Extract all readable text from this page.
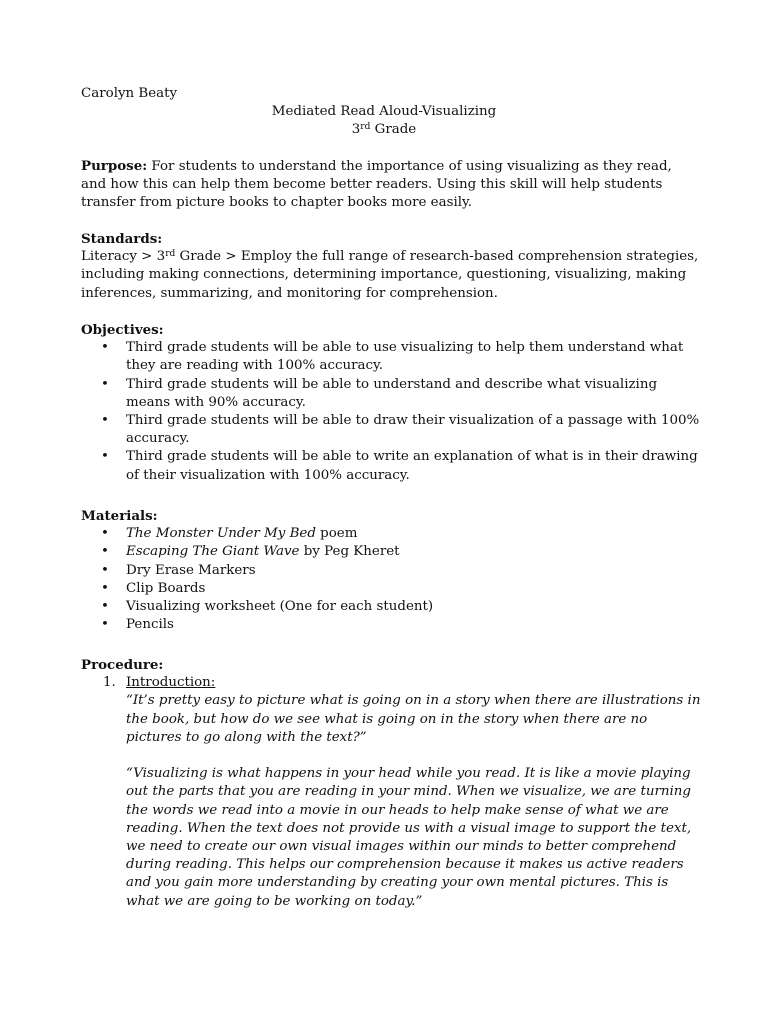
Carolyn Beaty
Mediated Read Aloud-Visualizing
3rd Grade
Purpose: For students to understand the importance of using visualizing as they read, and how this can help them become better readers. Using this skill will help students transfer from picture books to chapter books more easily.
Standards:
Literacy > 3rd Grade > Employ the full range of research-based comprehension strategies, including making connections, determining importance, questioning, visualizing, making inferences, summarizing, and monitoring for comprehension.
Objectives:
•	Third grade students will be able to use visualizing to help them understand what they are reading with 100% accuracy.
•	Third grade students will be able to understand and describe what visualizing means with 90% accuracy.
•	Third grade students will be able to draw their visualization of a passage with 100% accuracy.
•	Third grade students will be able to write an explanation of what is in their drawing of their visualization with 100% accuracy.
Materials:
•	The Monster Under My Bed poem
•	Escaping The Giant Wave by Peg Kheret
•	Dry Erase Markers
•	Clip Boards
•	Visualizing worksheet (One for each student)
•	Pencils
Procedure:
1. Introduction:
“It’s pretty easy to picture what is going on in a story when there are illustrations in the book, but how do we see what is going on in the story when there are no pictures to go along with the text?”
“Visualizing is what happens in your head while you read. It is like a movie playing out the parts that you are reading in your mind. When we visualize, we are turning the words we read into a movie in our heads to help make sense of what we are reading. When the text does not provide us with a visual image to support the text, we need to create our own visual images within our minds to better comprehend during reading. This helps our comprehension because it makes us active readers and you gain more understanding by creating your own mental pictures. This is what we are going to be working on today.”
